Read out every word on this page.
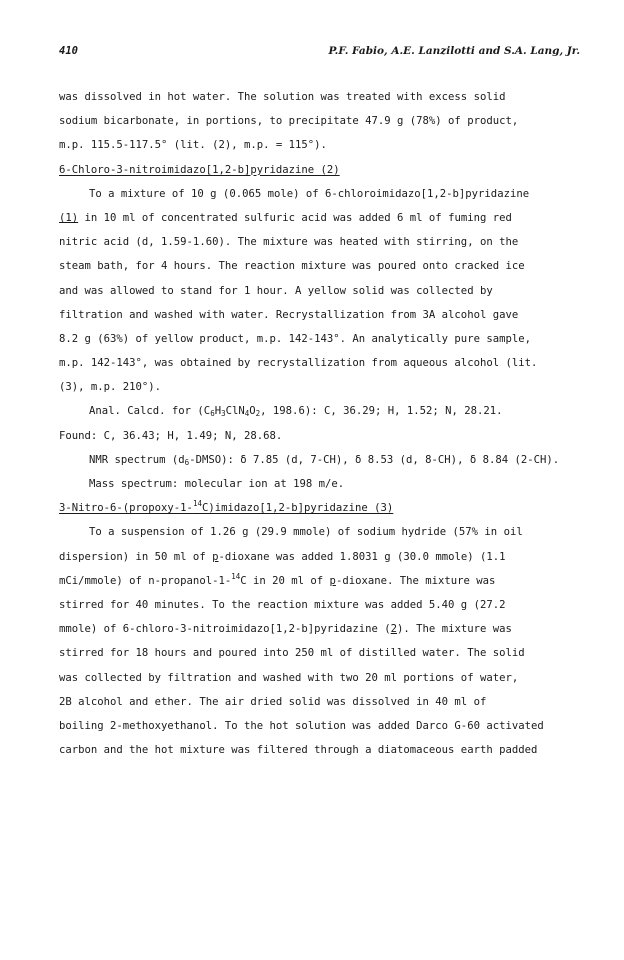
410	P.F. Fabio, A.E. Lanzilotti and S.A. Lang, Jr.
was dissolved in hot water. The solution was treated with excess solid
sodium bicarbonate, in portions, to precipitate 47.9 g (78%) of product,
m.p. 115.5-117.5° (lit. (2), m.p. = 115°).
6-Chloro-3-nitroimidazo[1,2-b]pyridazine (2)
To a mixture of 10 g (0.065 mole) of 6-chloroimidazo[1,2-b]pyridazine
(1) in 10 ml of concentrated sulfuric acid was added 6 ml of fuming red
nitric acid (d, 1.59-1.60). The mixture was heated with stirring, on the
steam bath, for 4 hours. The reaction mixture was poured onto cracked ice
and was allowed to stand for 1 hour. A yellow solid was collected by
filtration and washed with water. Recrystallization from 3A alcohol gave
8.2 g (63%) of yellow product, m.p. 142-143°. An analytically pure sample,
m.p. 142-143°, was obtained by recrystallization from aqueous alcohol (lit.
(3), m.p. 210°).
Anal. Calcd. for ($C_6H_3ClN_4O_2$, 198.6): C, 36.29; H, 1.52; N, 28.21.
Found: C, 36.43; H, 1.49; N, 28.68.
NMR spectrum $(d_6-DMSO)$: δ 7.85 (d, 7-CH), δ 8.53 (d, 8-CH), δ 8.84 (2-CH).
Mass spectrum: molecular ion at 198 m/e.
3-Nitro-6-(propoxy-1-$^{14}$C)imidazo[1,2-b]pyridazine (3)
To a suspension of 1.26 g (29.9 mmole) of sodium hydride (57% in oil
dispersion) in 50 ml of p-dioxane was added 1.8031 g (30.0 mmole) (1.1
mCi/mmole) of n-propanol-1-$^{14}$C in 20 ml of p-dioxane. The mixture was
stirred for 40 minutes. To the reaction mixture was added 5.40 g (27.2
mmole) of 6-chloro-3-nitroimidazo[1,2-b]pyridazine (2). The mixture was
stirred for 18 hours and poured into 250 ml of distilled water. The solid
was collected by filtration and washed with two 20 ml portions of water,
2B alcohol and ether. The air dried solid was dissolved in 40 ml of
boiling 2-methoxyethanol. To the hot solution was added Darco G-60 activated
carbon and the hot mixture was filtered through a diatomaceous earth padded
